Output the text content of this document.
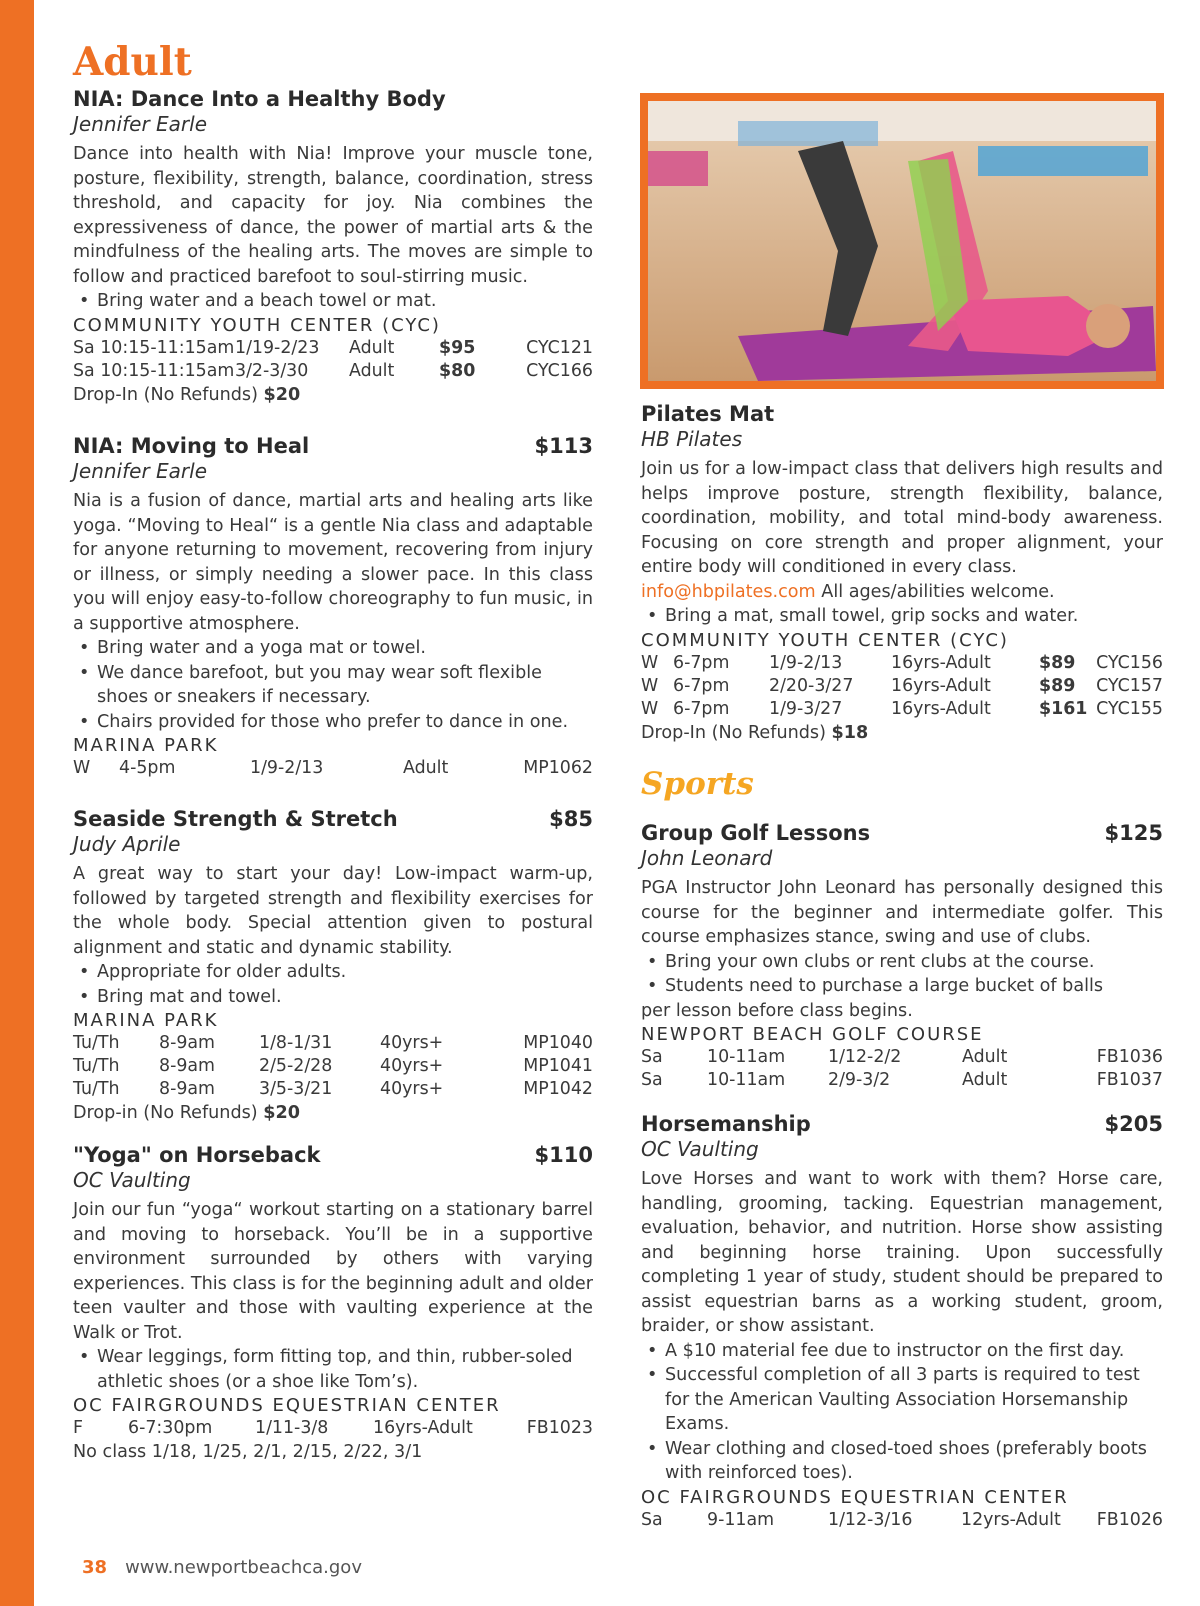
Adult
NIA: Dance Into a Healthy Body
Jennifer Earle
Dance into health with Nia! Improve your muscle tone, posture, flexibility, strength, balance, coordination, stress threshold, and capacity for joy. Nia combines the expressiveness of dance, the power of martial arts & the mindfulness of the healing arts. The moves are simple to follow and practiced barefoot to soul-stirring music.
• Bring water and a beach towel or mat.
COMMUNITY YOUTH CENTER (CYC)
Sa 10:15-11:15am 1/19-2/23 Adult	$95	CYC121
Sa 10:15-11:15am 3/2-3/30 Adult	$80	CYC166
Drop-In (No Refunds) $20
NIA: Moving to Heal	$113
Jennifer Earle
Nia is a fusion of dance, martial arts and healing arts like yoga. “Moving to Heal“ is a gentle Nia class and adaptable for anyone returning to movement, recovering from injury or illness, or simply needing a slower pace. In this class you will enjoy easy-to-follow choreography to fun music, in a supportive atmosphere.
• Bring water and a yoga mat or towel.
• We dance barefoot, but you may wear soft flexible shoes or sneakers if necessary.
• Chairs provided for those who prefer to dance in one.
MARINA PARK
W 4-5pm	1/9-2/13	Adult	MP1062
Seaside Strength & Stretch	$85
Judy Aprile
A great way to start your day! Low-impact warm-up, followed by targeted strength and flexibility exercises for the whole body. Special attention given to postural alignment and static and dynamic stability.
• Appropriate for older adults.
• Bring mat and towel.
MARINA PARK
Tu/Th 8-9am	1/8-1/31	40yrs+	MP1040
Tu/Th 8-9am	2/5-2/28	40yrs+	MP1041
Tu/Th 8-9am	3/5-3/21	40yrs+	MP1042
Drop-in (No Refunds) $20
"Yoga" on Horseback	$110
OC Vaulting
Join our fun “yoga“ workout starting on a stationary barrel and moving to horseback. You’ll be in a supportive environment surrounded by others with varying experiences. This class is for the beginning adult and older teen vaulter and those with vaulting experience at the Walk or Trot.
• Wear leggings, form fitting top, and thin, rubber-soled athletic shoes (or a shoe like Tom’s).
OC FAIRGROUNDS EQUESTRIAN CENTER
F	6-7:30pm 1/11-3/8	16yrs-Adult	FB1023
No class 1/18, 1/25, 2/1, 2/15, 2/22, 3/1
Pilates Mat
HB Pilates
Join us for a low-impact class that delivers high results and helps improve posture, strength flexibility, balance, coordination, mobility, and total mind-body awareness. Focusing on core strength and proper alignment, your entire body will conditioned in every class.
info@hbpilates.com All ages/abilities welcome.
• Bring a mat, small towel, grip socks and water.
COMMUNITY YOUTH CENTER (CYC)
W 6-7pm 1/9-2/13	16yrs-Adult	$89 CYC156
W 6-7pm 2/20-3/27 16yrs-Adult	$89 CYC157
W 6-7pm 1/9-3/27	16yrs-Adult	$161 CYC155
Drop-In (No Refunds) $18
Sports
Group Golf Lessons	$125
John Leonard
PGA Instructor John Leonard has personally designed this course for the beginner and intermediate golfer. This course emphasizes stance, swing and use of clubs.
• Bring your own clubs or rent clubs at the course.
• Students need to purchase a large bucket of balls
per lesson before class begins.
NEWPORT BEACH GOLF COURSE
Sa	10-11am 1/12-2/2	Adult	FB1036
Sa	10-11am 2/9-3/2	Adult	FB1037
Horsemanship	$205
OC Vaulting
Love Horses and want to work with them? Horse care, handling, grooming, tacking. Equestrian management, evaluation, behavior, and nutrition. Horse show assisting and beginning horse training. Upon successfully completing 1 year of study, student should be prepared to assist equestrian barns as a working student, groom, braider, or show assistant.
• A $10 material fee due to instructor on the first day.
• Successful completion of all 3 parts is required to test for the American Vaulting Association Horsemanship Exams.
• Wear clothing and closed-toed shoes (preferably boots with reinforced toes).
OC FAIRGROUNDS EQUESTRIAN CENTER
Sa	9-11am	1/12-3/16	12yrs-Adult FB1026
38 www.newportbeachca.gov
